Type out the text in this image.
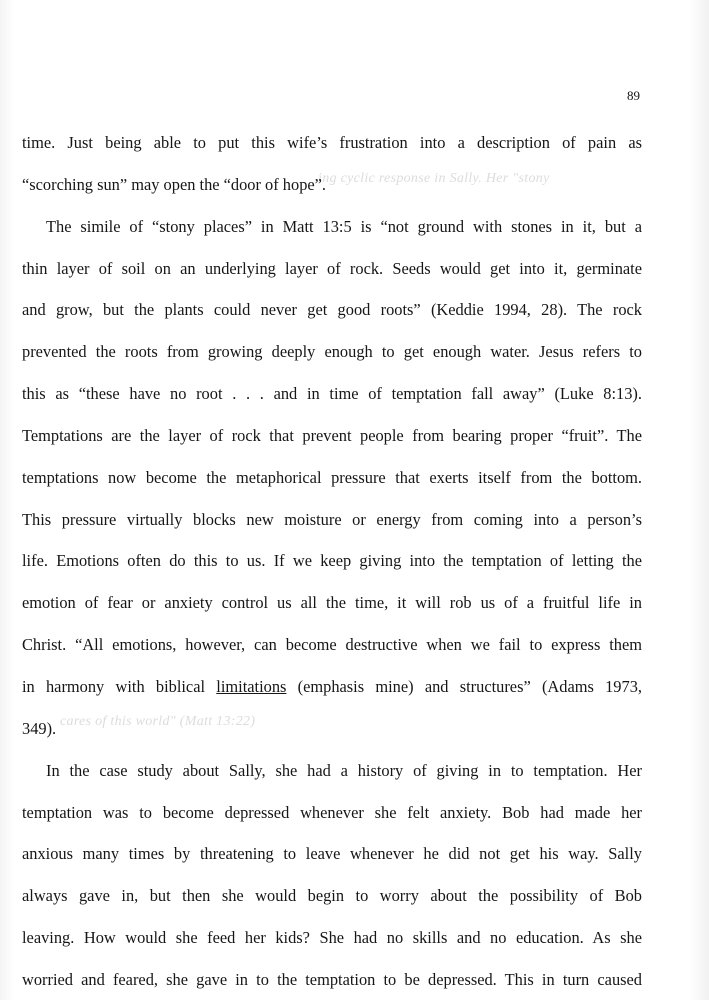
ing cyclic response in Sally. Her "stony
cares of this world" (Matt 13:22)
89

time. Just being able to put this wife’s frustration into a description of pain as
“scorching sun” may open the “door of hope”.

The simile of “stony places” in Matt 13:5 is “not ground with stones in it, but a
thin layer of soil on an underlying layer of rock. Seeds would get into it, germinate
and grow, but the plants could never get good roots” (Keddie 1994, 28). The rock
prevented the roots from growing deeply enough to get enough water. Jesus refers to
this as “these have no root . . . and in time of temptation fall away” (Luke 8:13).
Temptations are the layer of rock that prevent people from bearing proper “fruit”. The
temptations now become the metaphorical pressure that exerts itself from the bottom.
This pressure virtually blocks new moisture or energy from coming into a person’s
life. Emotions often do this to us. If we keep giving into the temptation of letting the
emotion of fear or anxiety control us all the time, it will rob us of a fruitful life in
Christ. “All emotions, however, can become destructive when we fail to express them
in harmony with biblical limitations (emphasis mine) and structures” (Adams 1973,
349).

In the case study about Sally, she had a history of giving in to temptation. Her
temptation was to become depressed whenever she felt anxiety. Bob had made her
anxious many times by threatening to leave whenever he did not get his way. Sally
always gave in, but then she would begin to worry about the possibility of Bob
leaving. How would she feed her kids? She had no skills and no education. As she
worried and feared, she gave in to the temptation to be depressed. This in turn caused
